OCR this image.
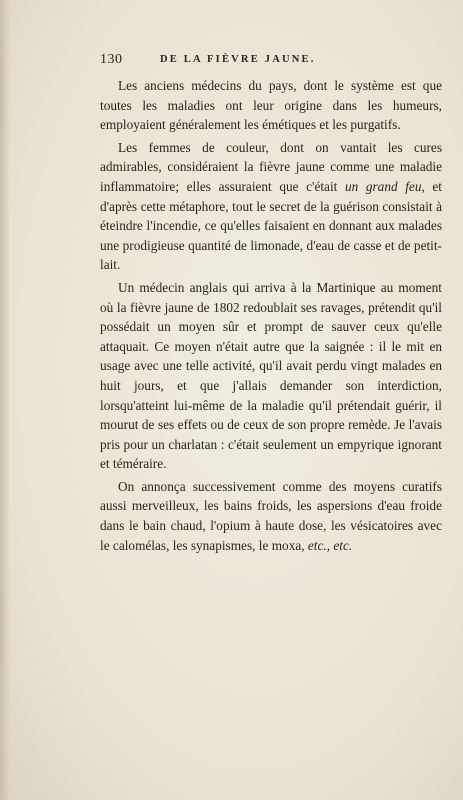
130	DE LA FIÈVRE JAUNE.

Les anciens médecins du pays, dont le système est que toutes les maladies ont leur origine dans les humeurs, employaient généralement les émétiques et les purgatifs.

Les femmes de couleur, dont on vantait les cures admirables, considéraient la fièvre jaune comme une maladie inflammatoire; elles assuraient que c'était un grand feu, et d'après cette métaphore, tout le secret de la guérison consistait à éteindre l'incendie, ce qu'elles faisaient en donnant aux malades une prodigieuse quantité de limonade, d'eau de casse et de petit-lait.

Un médecin anglais qui arriva à la Martinique au moment où la fièvre jaune de 1802 redoublait ses ravages, prétendit qu'il possédait un moyen sûr et prompt de sauver ceux qu'elle attaquait. Ce moyen n'était autre que la saignée : il le mit en usage avec une telle activité, qu'il avait perdu vingt malades en huit jours, et que j'allais demander son interdiction, lorsqu'atteint lui-même de la maladie qu'il prétendait guérir, il mourut de ses effets ou de ceux de son propre remède. Je l'avais pris pour un charlatan : c'était seulement un empyrique ignorant et téméraire.

On annonça successivement comme des moyens curatifs aussi merveilleux, les bains froids, les aspersions d'eau froide dans le bain chaud, l'opium à haute dose, les vésicatoires avec le calomélas, les synapismes, le moxa, etc., etc.
